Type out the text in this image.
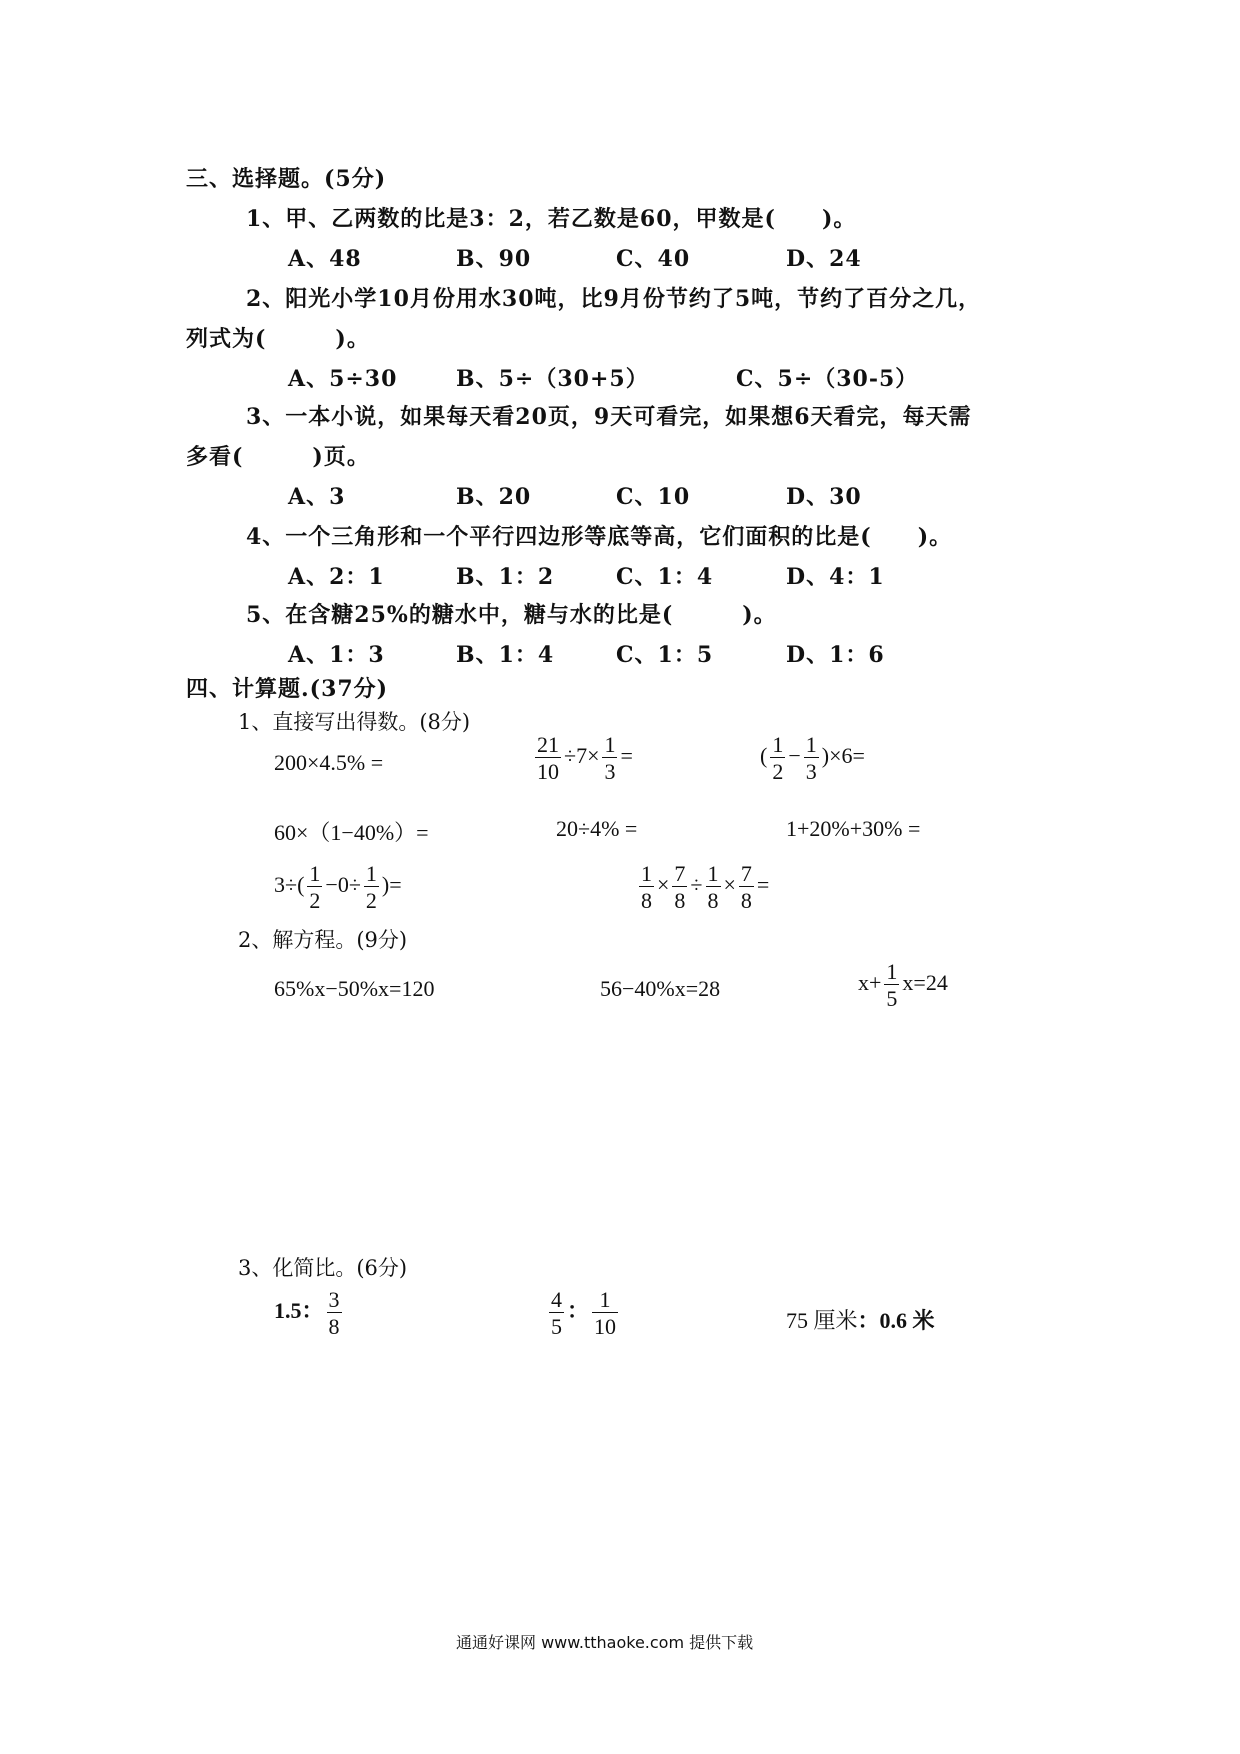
三、选择题。(5分)
1、甲、乙两数的比是3：2，若乙数是60，甲数是(　　)。
A、48	B、90	C、40	D、24
2、阳光小学10月份用水30吨，比9月份节约了5吨，节约了百分之几，
列式为(　　　)。
A、5÷30	B、5÷（30+5）	C、5÷（30-5）
3、一本小说，如果每天看20页，9天可看完，如果想6天看完，每天需
多看(　　　)页。
A、3	B、20	C、10	D、30
4、一个三角形和一个平行四边形等底等高，它们面积的比是(　　)。
A、2：1	B、1：2	C、1：4	D、4：1
5、在含糖25%的糖水中，糖与水的比是(　　　)。
A、1：3	B、1：4	C、1：5	D、1：6
四、计算题.(37分)
1、直接写出得数。(8分)
200×4.5% =	$\frac{21}{10} \div 7\times \frac{1}{3}$ =	( $\frac{1}{2} - \frac{1}{3} )\times 6=$
60×（1−40%）=	20÷4% =	1+20%+30% =
$3\div( \frac{1}{2} -0\div \frac{1}{2}$ )=	$\frac{1}{8} \times \frac{7}{8} \div \frac{1}{8} \times \frac{7}{8}$ =
2、解方程。(9分)
65%x−50%x=120	56−40%x=28	$x+ \frac{1}{5} x=24$
3、化简比。(6分)
1.5： $\frac{3}{8}$	$\frac{4}{5}$ ： $\frac{1}{10}$	75 厘米：0.6 米
通通好课网 www.tthaoke.com 提供下载
